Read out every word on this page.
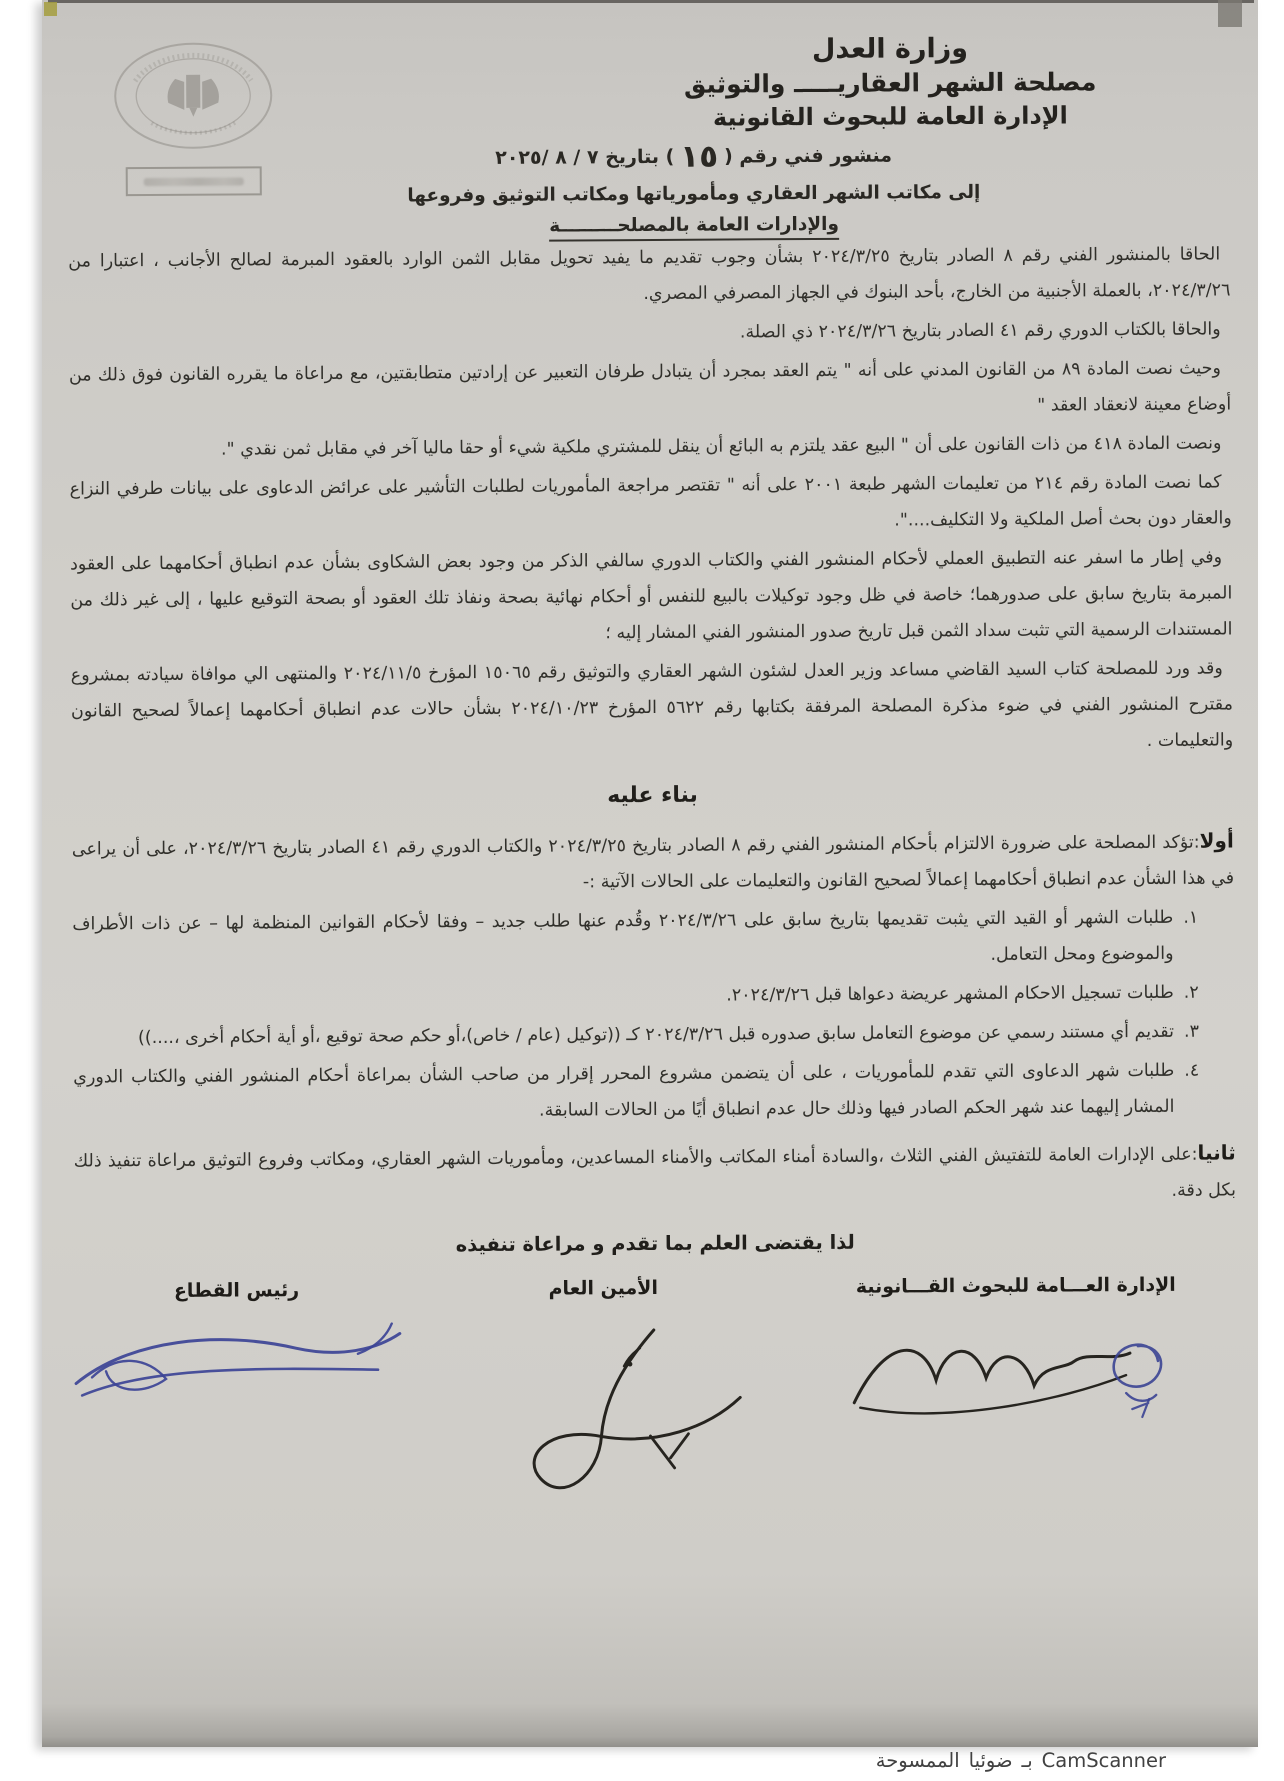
وزارة العدل
مصلحة الشهر العقاريـــــ والتوثيق
الإدارة العامة للبحوث القانونية
منشور فني رقم (١٥) بتاريخ ٧ / ٨ /٢٠٢٥
إلى مكاتب الشهر العقاري ومأمورياتها ومكاتب التوثيق وفروعها
والإدارات العامة بالمصلحـــــــــة

الحاقا بالمنشور الفني رقم ٨ الصادر بتاريخ ٢٠٢٤/٣/٢٥ بشأن وجوب تقديم ما يفيد تحويل مقابل الثمن الوارد بالعقود المبرمة لصالح الأجانب ، اعتبارا من ٢٠٢٤/٣/٢٦، بالعملة الأجنبية من الخارج، بأحد البنوك في الجهاز المصرفي المصري.

والحاقا بالكتاب الدوري رقم ٤١ الصادر بتاريخ ٢٠٢٤/٣/٢٦ ذي الصلة.

وحيث نصت المادة ٨٩ من القانون المدني على أنه " يتم العقد بمجرد أن يتبادل طرفان التعبير عن إرادتين متطابقتين، مع مراعاة ما يقرره القانون فوق ذلك من أوضاع معينة لانعقاد العقد "

ونصت المادة ٤١٨ من ذات القانون على أن " البيع عقد يلتزم به البائع أن ينقل للمشتري ملكية شيء أو حقا ماليا آخر في مقابل ثمن نقدي ".

كما نصت المادة رقم ٢١٤ من تعليمات الشهر طبعة ٢٠٠١ على أنه " تقتصر مراجعة المأموريات لطلبات التأشير على عرائض الدعاوى على بيانات طرفي النزاع والعقار دون بحث أصل الملكية ولا التكليف....".

وفي إطار ما اسفر عنه التطبيق العملي لأحكام المنشور الفني والكتاب الدوري سالفي الذكر من وجود بعض الشكاوى بشأن عدم انطباق أحكامهما على العقود المبرمة بتاريخ سابق على صدورهما؛ خاصة في ظل وجود توكيلات بالبيع للنفس أو أحكام نهائية بصحة ونفاذ تلك العقود أو بصحة التوقيع عليها ، إلى غير ذلك من المستندات الرسمية التي تثبت سداد الثمن قبل تاريخ صدور المنشور الفني المشار إليه ؛

وقد ورد للمصلحة كتاب السيد القاضي مساعد وزير العدل لشئون الشهر العقاري والتوثيق رقم ١٥٠٦٥ المؤرخ ٢٠٢٤/١١/٥ والمنتهى الي موافاة سيادته بمشروع مقترح المنشور الفني في ضوء مذكرة المصلحة المرفقة بكتابها رقم ٥٦٢٢ المؤرخ ٢٠٢٤/١٠/٢٣ بشأن حالات عدم انطباق أحكامهما إعمالاً لصحيح القانون والتعليمات .

بناء عليه

أولا:تؤكد المصلحة على ضرورة الالتزام بأحكام المنشور الفني رقم ٨ الصادر بتاريخ ٢٠٢٤/٣/٢٥ والكتاب الدوري رقم ٤١ الصادر بتاريخ ٢٠٢٤/٣/٢٦، على أن يراعى في هذا الشأن عدم انطباق أحكامهما إعمالاً لصحيح القانون والتعليمات على الحالات الآتية :-

١.
طلبات الشهر أو القيد التي يثبت تقديمها بتاريخ سابق على ٢٠٢٤/٣/٢٦ وقُدم عنها طلب جديد – وفقا لأحكام القوانين المنظمة لها – عن ذات الأطراف والموضوع ومحل التعامل.
٢.
طلبات تسجيل الاحكام المشهر عريضة دعواها قبل ٢٠٢٤/٣/٢٦.
٣.
تقديم أي مستند رسمي عن موضوع التعامل سابق صدوره قبل ٢٠٢٤/٣/٢٦ كـ ((توكيل (عام / خاص)،أو حكم صحة توقيع ،أو أية أحكام أخرى ،....))
٤.
طلبات شهر الدعاوى التي تقدم للمأموريات ، على أن يتضمن مشروع المحرر إقرار من صاحب الشأن بمراعاة أحكام المنشور الفني والكتاب الدوري المشار إليهما عند شهر الحكم الصادر فيها وذلك حال عدم انطباق أيًا من الحالات السابقة.

ثانيا:على الإدارات العامة للتفتيش الفني الثلاث ،والسادة أمناء المكاتب والأمناء المساعدين، ومأموريات الشهر العقاري، ومكاتب وفروع التوثيق مراعاة تنفيذ ذلك بكل دقة.

لذا يقتضى العلم بما تقدم و مراعاة تنفيذه
الإدارة العـــامة للبحوث القـــانونية
الأمين العام
رئيس القطاع
الممسوحة ضوئيا بـ CamScanner
